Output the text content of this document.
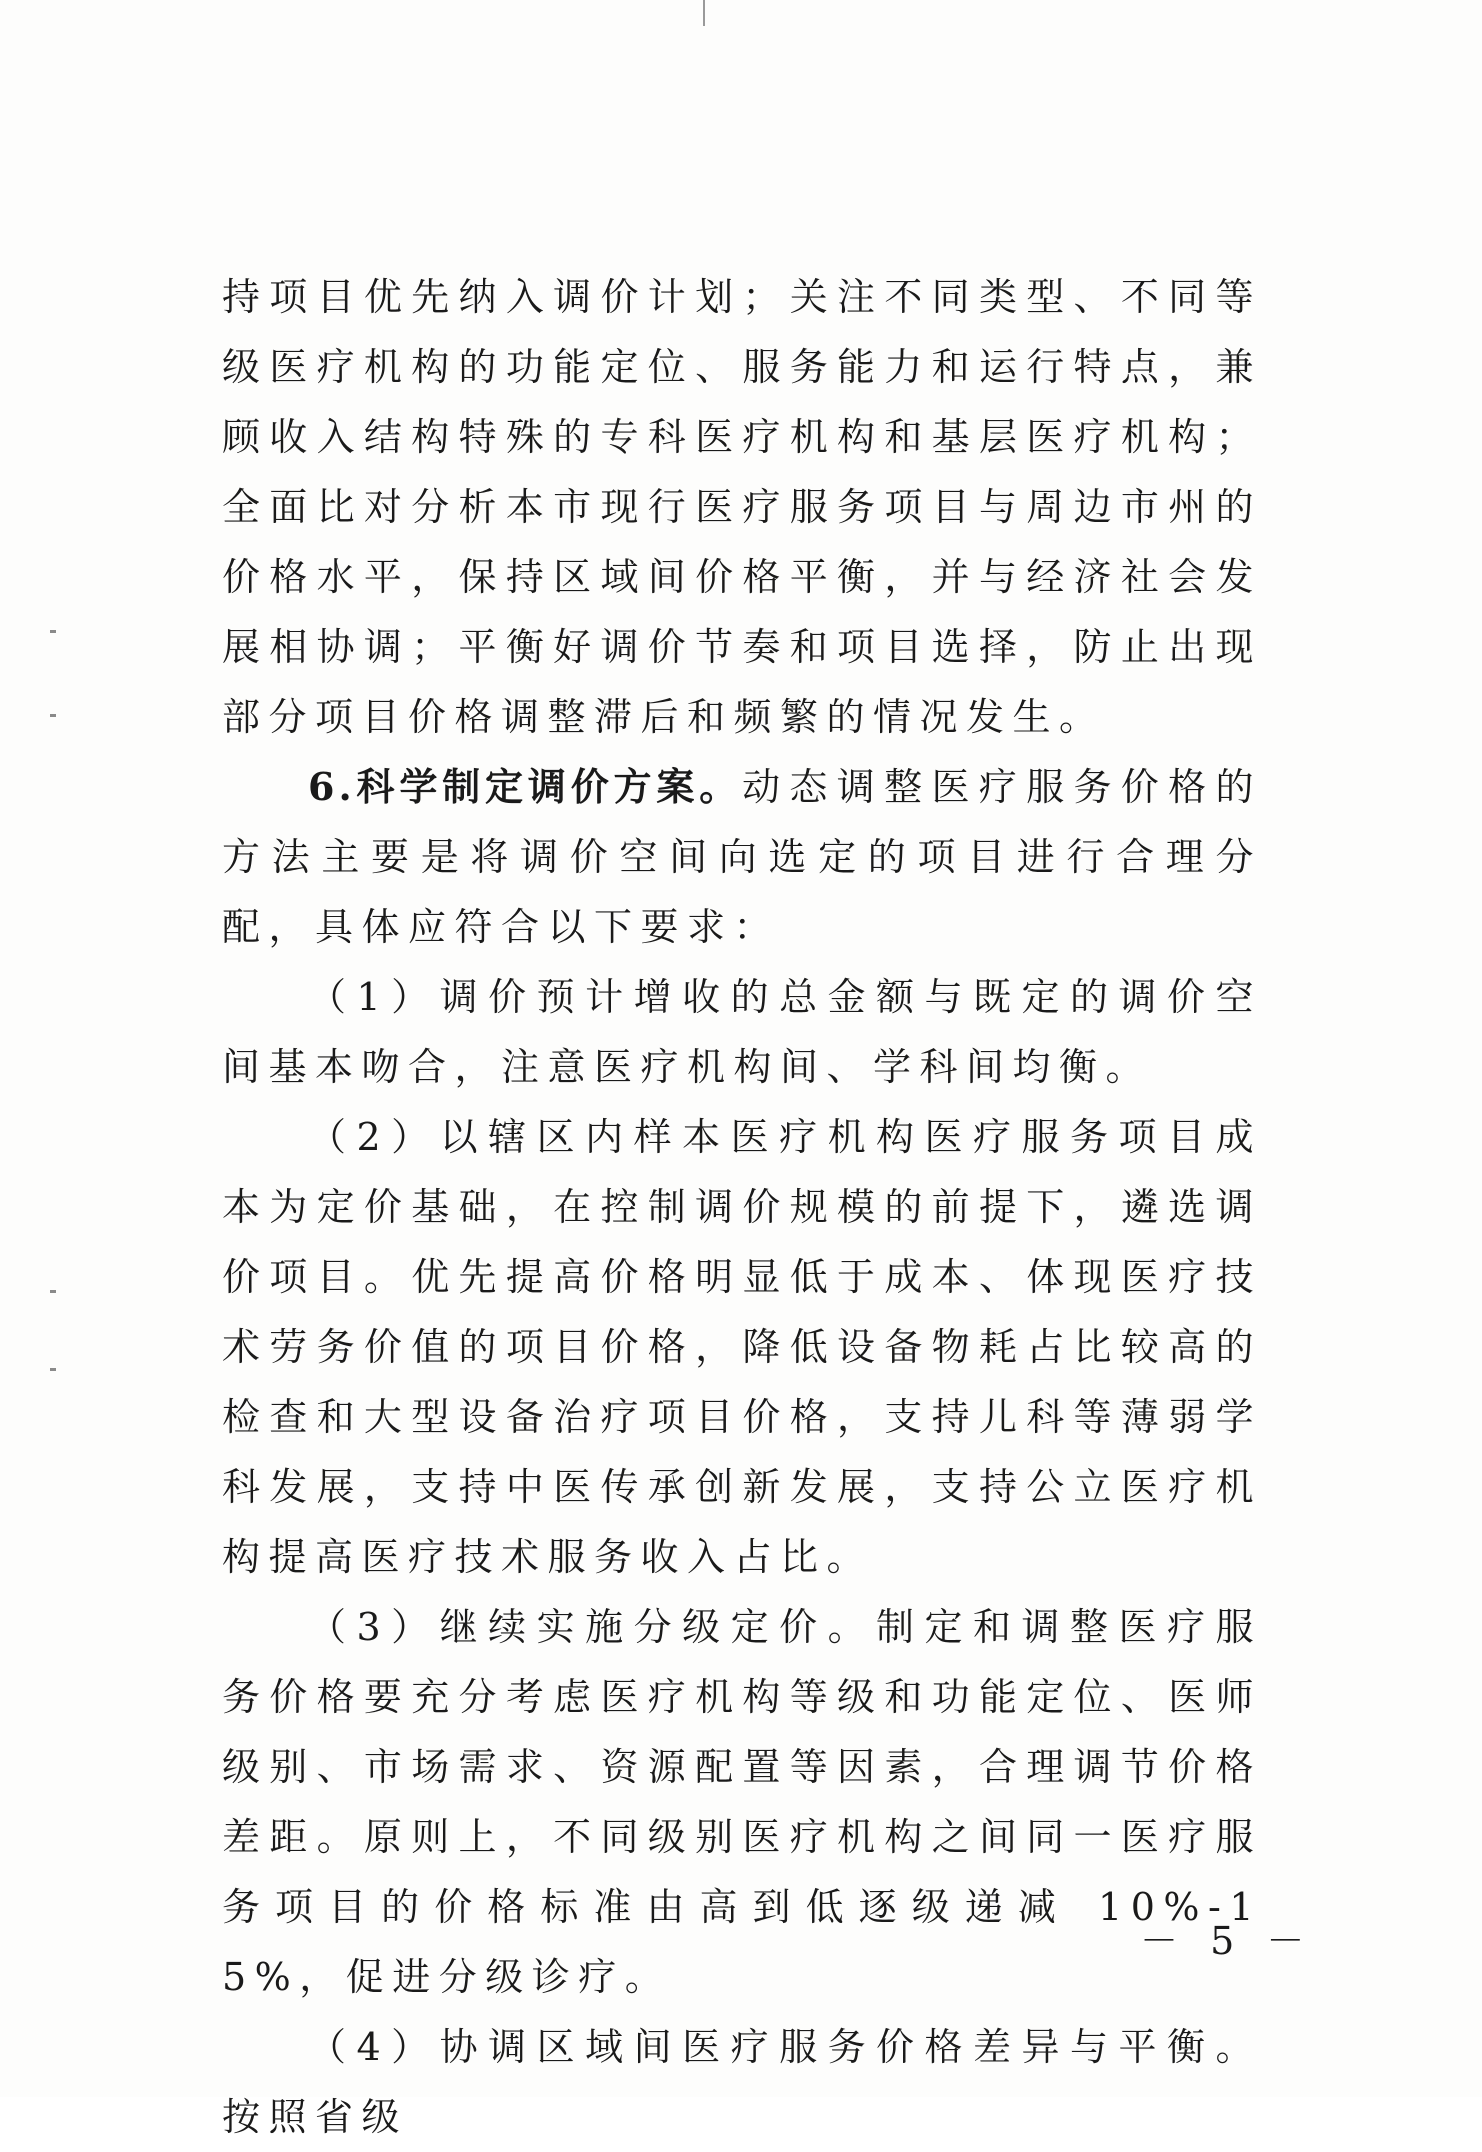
持项目优先纳入调价计划；关注不同类型、不同等级医疗机构的功能定位、服务能力和运行特点，兼顾收入结构特殊的专科医疗机构和基层医疗机构；全面比对分析本市现行医疗服务项目与周边市州的价格水平，保持区域间价格平衡，并与经济社会发展相协调；平衡好调价节奏和项目选择，防止出现部分项目价格调整滞后和频繁的情况发生。

6.科学制定调价方案。动态调整医疗服务价格的方法主要是将调价空间向选定的项目进行合理分配，具体应符合以下要求：

（1）调价预计增收的总金额与既定的调价空间基本吻合，注意医疗机构间、学科间均衡。

（2）以辖区内样本医疗机构医疗服务项目成本为定价基础，在控制调价规模的前提下，遴选调价项目。优先提高价格明显低于成本、体现医疗技术劳务价值的项目价格，降低设备物耗占比较高的检查和大型设备治疗项目价格，支持儿科等薄弱学科发展，支持中医传承创新发展，支持公立医疗机构提高医疗技术服务收入占比。

（3）继续实施分级定价。制定和调整医疗服务价格要充分考虑医疗机构等级和功能定位、医师级别、市场需求、资源配置等因素，合理调节价格差距。原则上，不同级别医疗机构之间同一医疗服务项目的价格标准由高到低逐级递减 10%-15%，促进分级诊疗。

（4）协调区域间医疗服务价格差异与平衡。按照省级

－ 5 －
